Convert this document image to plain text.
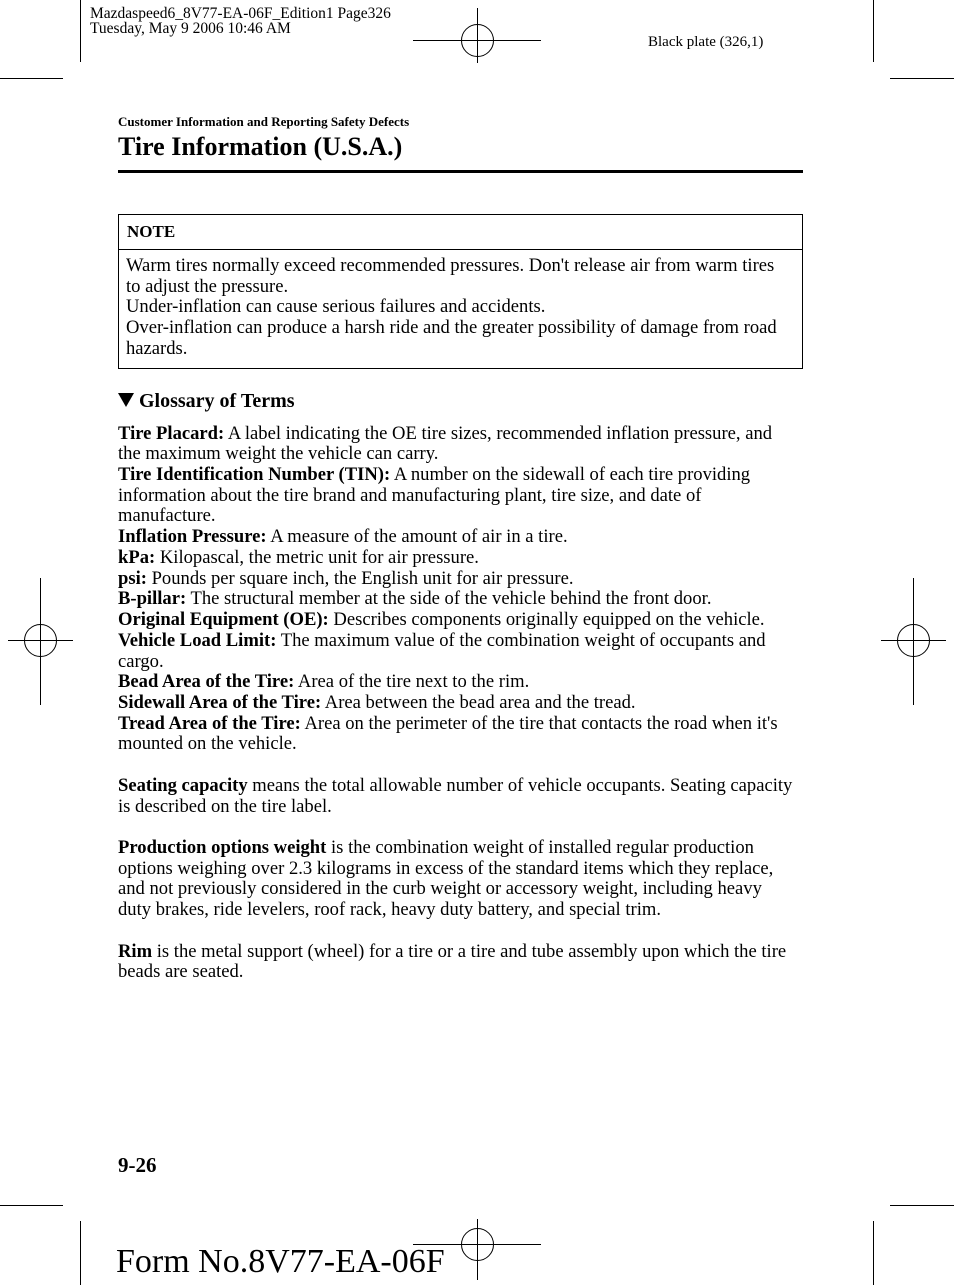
Mazdaspeed6_8V77-EA-06F_Edition1 Page326
Tuesday, May 9 2006 10:46 AM
Black plate (326,1)
Customer Information and Reporting Safety Defects
Tire Information (U.S.A.)
NOTE
Warm tires normally exceed recommended pressures. Don't release air from warm tires
to adjust the pressure.
Under-inflation can cause serious failures and accidents.
Over-inflation can produce a harsh ride and the greater possibility of damage from road
hazards.
Glossary of Terms
Tire Placard: A label indicating the OE tire sizes, recommended inflation pressure, and
the maximum weight the vehicle can carry.
Tire Identification Number (TIN): A number on the sidewall of each tire providing
information about the tire brand and manufacturing plant, tire size, and date of
manufacture.
Inflation Pressure: A measure of the amount of air in a tire.
kPa: Kilopascal, the metric unit for air pressure.
psi: Pounds per square inch, the English unit for air pressure.
B-pillar: The structural member at the side of the vehicle behind the front door.
Original Equipment (OE): Describes components originally equipped on the vehicle.
Vehicle Load Limit: The maximum value of the combination weight of occupants and
cargo.
Bead Area of the Tire: Area of the tire next to the rim.
Sidewall Area of the Tire: Area between the bead area and the tread.
Tread Area of the Tire: Area on the perimeter of the tire that contacts the road when it's
mounted on the vehicle.
Seating capacity means the total allowable number of vehicle occupants. Seating capacity
is described on the tire label.
Production options weight is the combination weight of installed regular production
options weighing over 2.3 kilograms in excess of the standard items which they replace,
and not previously considered in the curb weight or accessory weight, including heavy
duty brakes, ride levelers, roof rack, heavy duty battery, and special trim.
Rim is the metal support (wheel) for a tire or a tire and tube assembly upon which the tire
beads are seated.
9-26
Form No.8V77-EA-06F
